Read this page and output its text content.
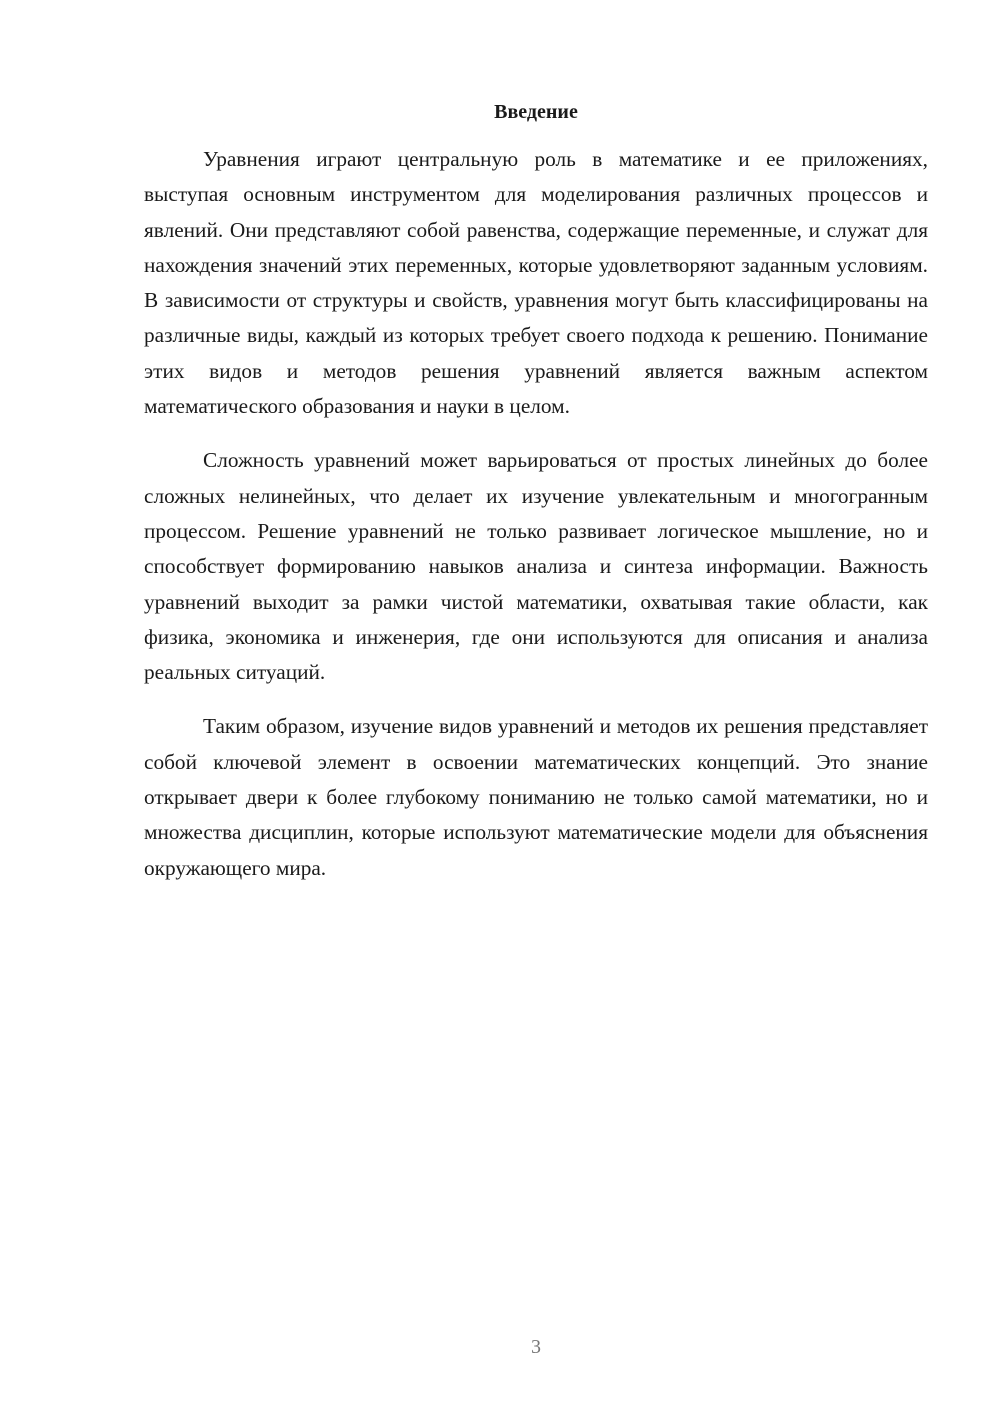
Введение

Уравнения играют центральную роль в математике и ее приложениях, выступая основным инструментом для моделирования различных процессов и явлений. Они представляют собой равенства, содержащие переменные, и служат для нахождения значений этих переменных, которые удовлетворяют заданным условиям. В зависимости от структуры и свойств, уравнения могут быть классифицированы на различные виды, каждый из которых требует своего подхода к решению. Понимание этих видов и методов решения уравнений является важным аспектом математического образования и науки в целом.

Сложность уравнений может варьироваться от простых линейных до более сложных нелинейных, что делает их изучение увлекательным и многогранным процессом. Решение уравнений не только развивает логическое мышление, но и способствует формированию навыков анализа и синтеза информации. Важность уравнений выходит за рамки чистой математики, охватывая такие области, как физика, экономика и инженерия, где они используются для описания и анализа реальных ситуаций.

Таким образом, изучение видов уравнений и методов их решения представляет собой ключевой элемент в освоении математических концепций. Это знание открывает двери к более глубокому пониманию не только самой математики, но и множества дисциплин, которые используют математические модели для объяснения окружающего мира.

3
